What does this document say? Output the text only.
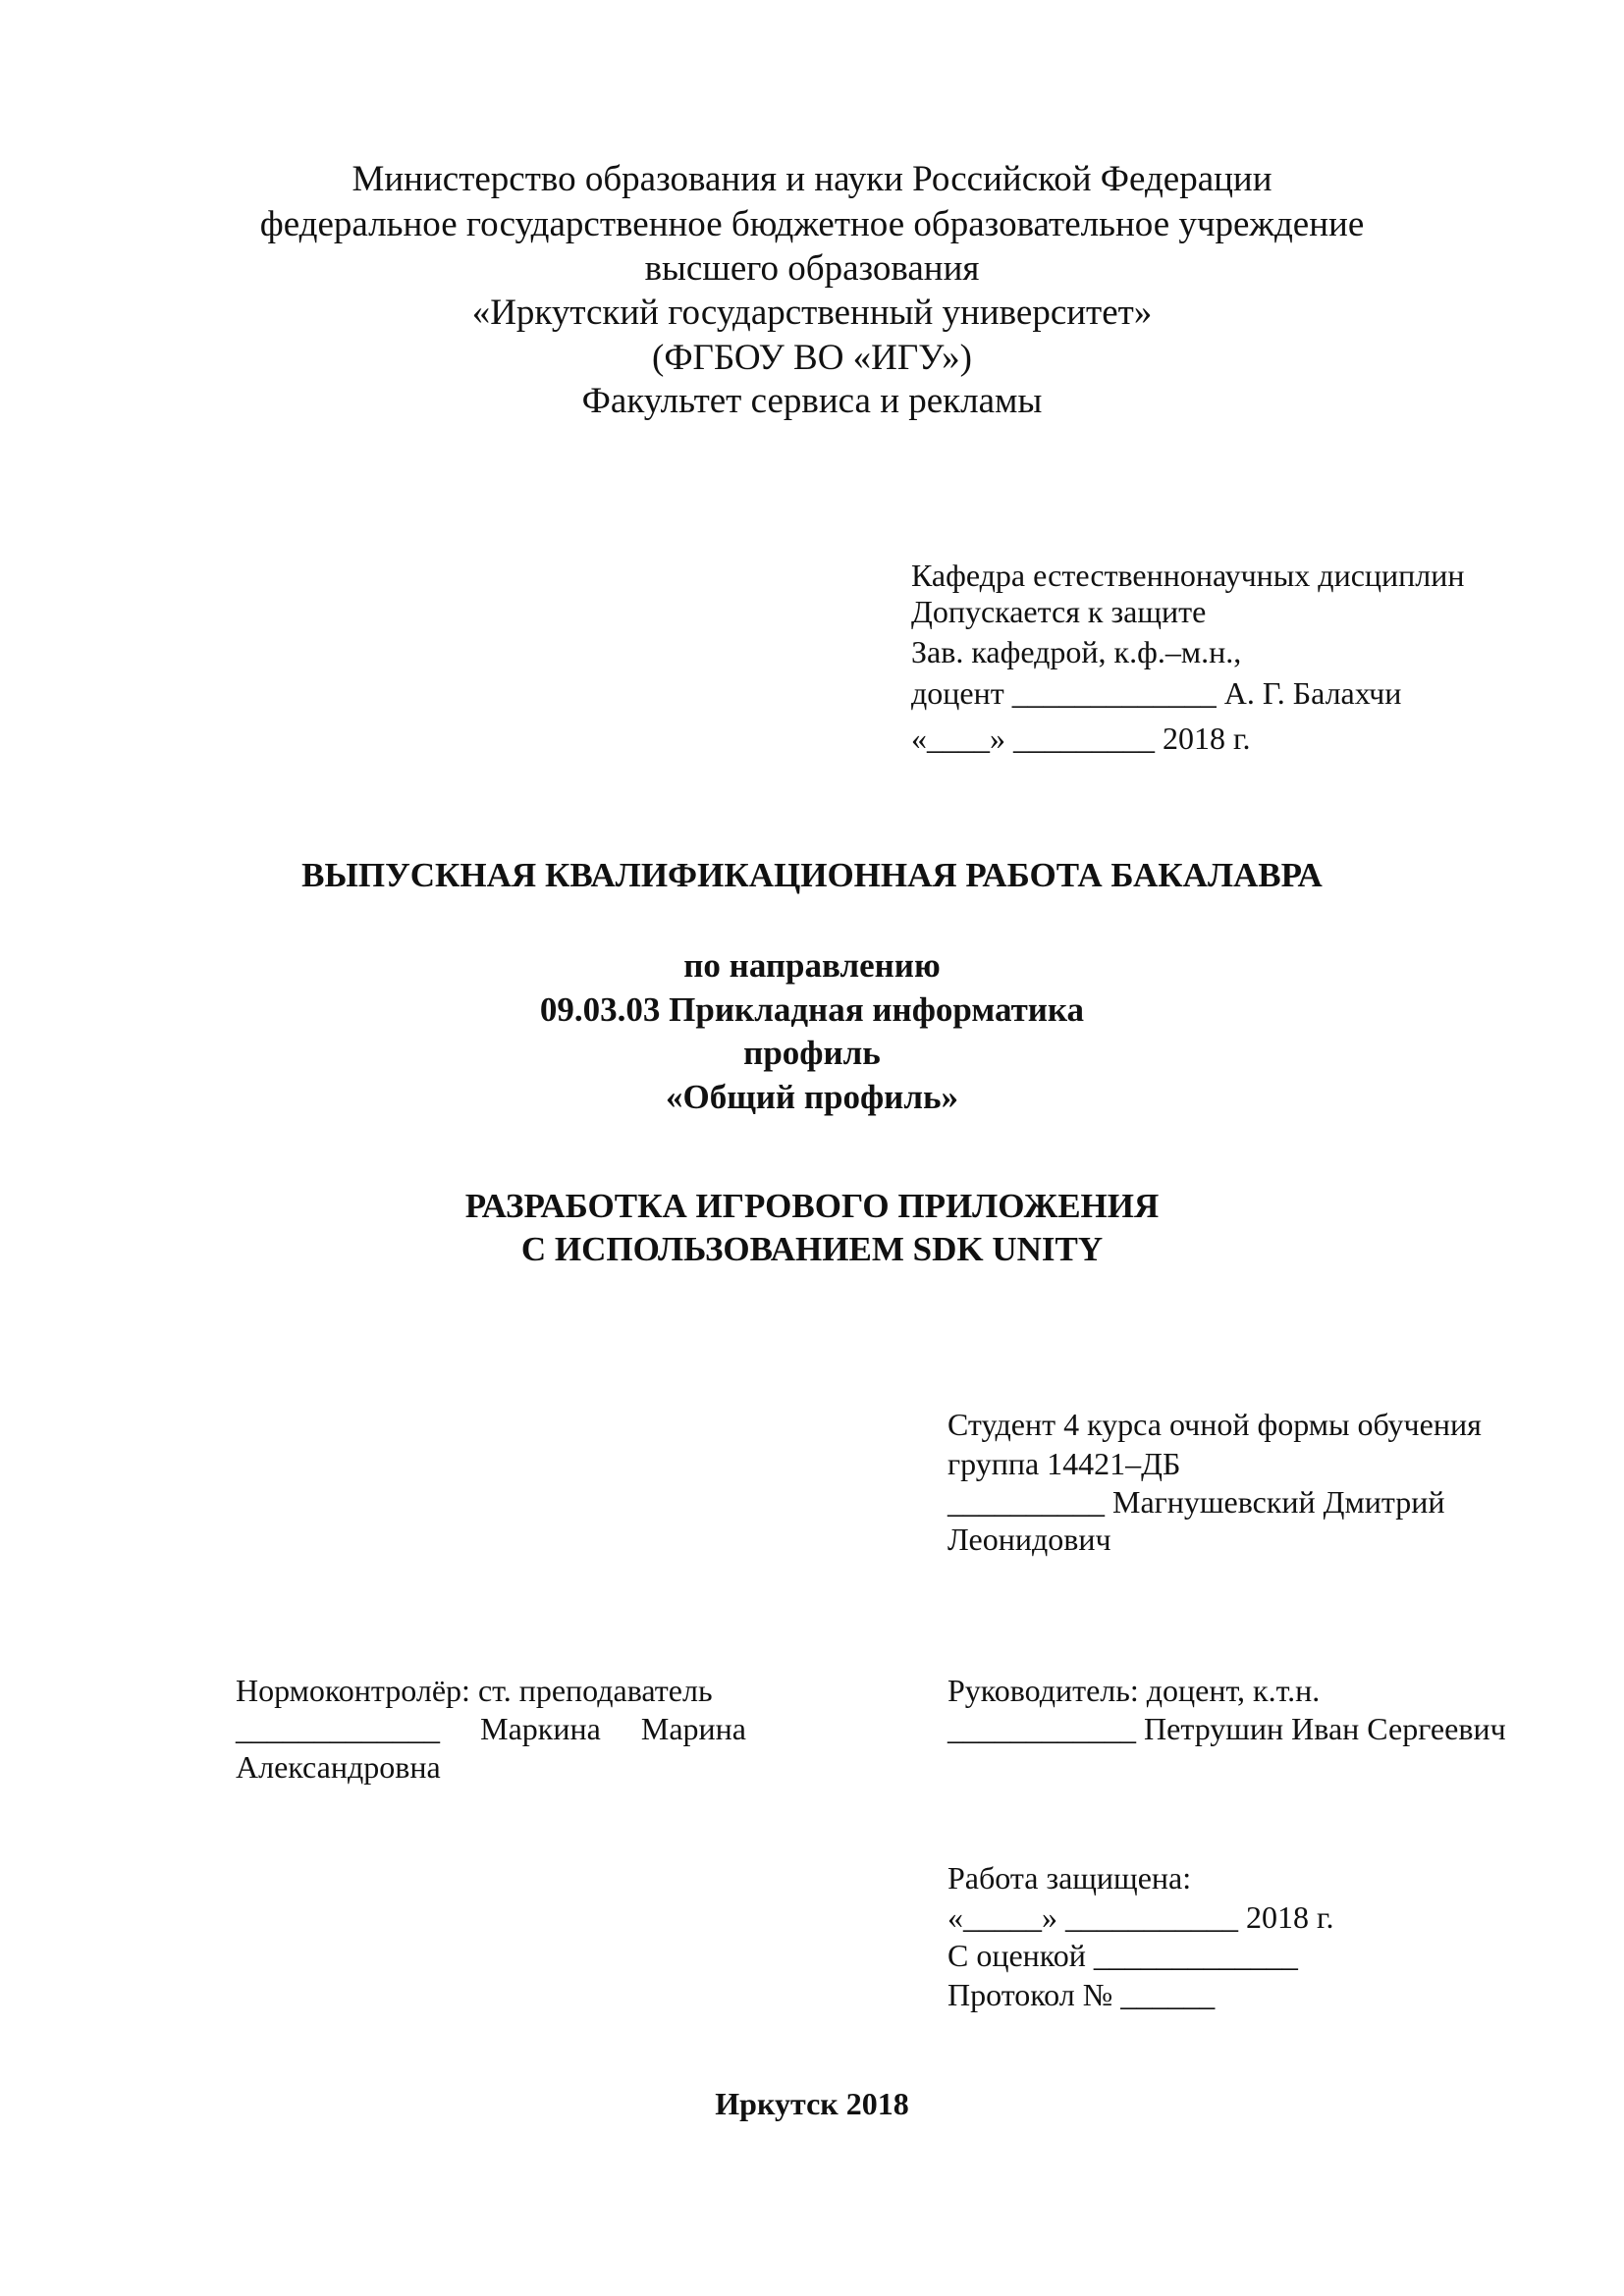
Министерство образования и науки Российской Федерации
федеральное государственное бюджетное образовательное учреждение
высшего образования
«Иркутский государственный университет»
(ФГБОУ ВО «ИГУ»)
Факультет сервиса и рекламы
Кафедра естественнонаучных дисциплин
Допускается к защите
Зав. кафедрой, к.ф.–м.н.,
доцент _____________ А. Г. Балахчи
«____» _________ 2018 г.
ВЫПУСКНАЯ КВАЛИФИКАЦИОННАЯ РАБОТА БАКАЛАВРА
по направлению
09.03.03 Прикладная информатика
профиль
«Общий профиль»
РАЗРАБОТКА ИГРОВОГО ПРИЛОЖЕНИЯ
С ИСПОЛЬЗОВАНИЕМ SDK UNITY
Студент 4 курса очной формы обучения
группа 14421–ДБ
__________ Магнушевский Дмитрий
Леонидович
Нормоконтролёр: ст. преподаватель
_____________ Маркина Марина
Александровна
Руководитель: доцент, к.т.н.
____________ Петрушин Иван Сергеевич
Работа защищена:
«_____» ___________ 2018 г.
С оценкой _____________
Протокол № ______
Иркутск 2018
